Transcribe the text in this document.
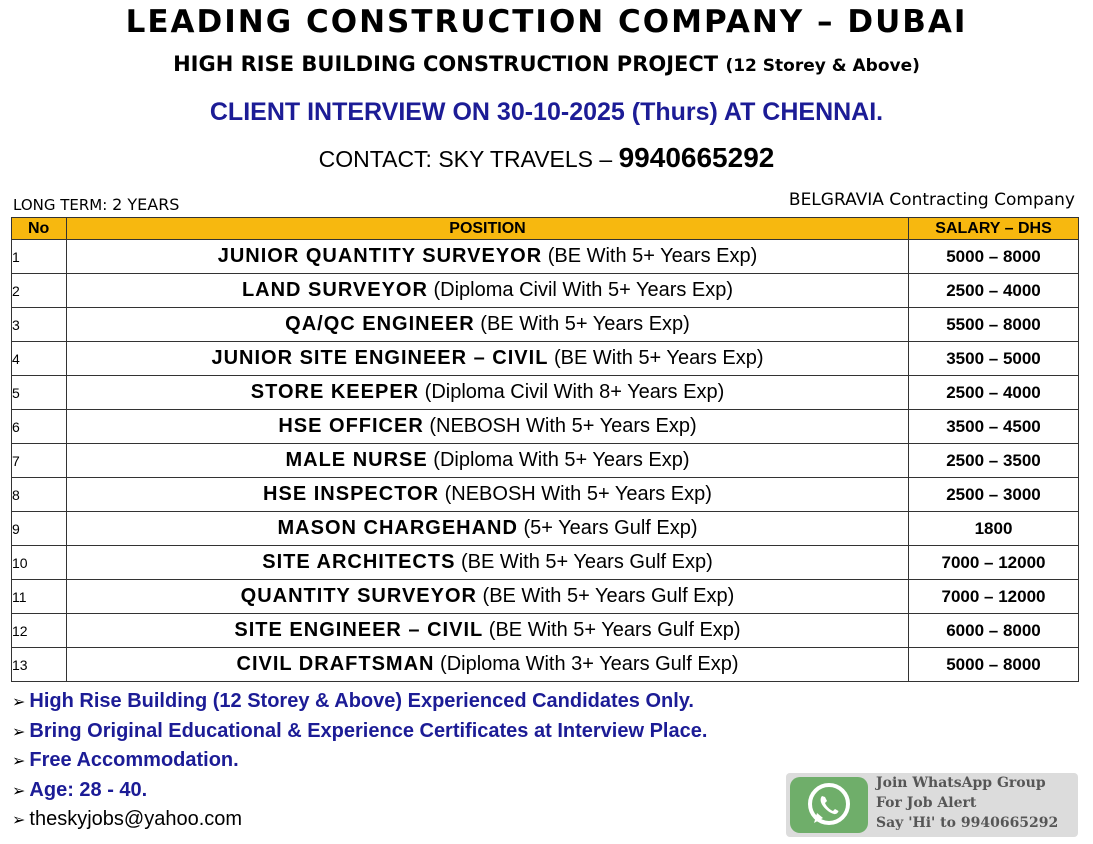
LEADING CONSTRUCTION COMPANY – DUBAI
HIGH RISE BUILDING CONSTRUCTION PROJECT (12 Storey & Above)
CLIENT INTERVIEW ON 30-10-2025 (Thurs) AT CHENNAI.
CONTACT: SKY TRAVELS – 9940665292
LONG TERM: 2 YEARS	BELGRAVIA Contracting Company
No	POSITION	SALARY – DHS
1	JUNIOR QUANTITY SURVEYOR (BE With 5+ Years Exp)	5000 – 8000
2	LAND SURVEYOR (Diploma Civil With 5+ Years Exp)	2500 – 4000
3	QA/QC ENGINEER (BE With 5+ Years Exp)	5500 – 8000
4	JUNIOR SITE ENGINEER – CIVIL (BE With 5+ Years Exp)	3500 – 5000
5	STORE KEEPER (Diploma Civil With 8+ Years Exp)	2500 – 4000
6	HSE OFFICER (NEBOSH With 5+ Years Exp)	3500 – 4500
7	MALE NURSE (Diploma With 5+ Years Exp)	2500 – 3500
8	HSE INSPECTOR (NEBOSH With 5+ Years Exp)	2500 – 3000
9	MASON CHARGEHAND (5+ Years Gulf Exp)	1800
10	SITE ARCHITECTS (BE With 5+ Years Gulf Exp)	7000 – 12000
11	QUANTITY SURVEYOR (BE With 5+ Years Gulf Exp)	7000 – 12000
12	SITE ENGINEER – CIVIL (BE With 5+ Years Gulf Exp)	6000 – 8000
13	CIVIL DRAFTSMAN (Diploma With 3+ Years Gulf Exp)	5000 – 8000
➢ High Rise Building (12 Storey & Above) Experienced Candidates Only.
➢ Bring Original Educational & Experience Certificates at Interview Place.
➢ Free Accommodation.
➢ Age: 28 - 40.
➢ theskyjobs@yahoo.com
Join WhatsApp Group
For Job Alert
Say 'Hi' to 9940665292
